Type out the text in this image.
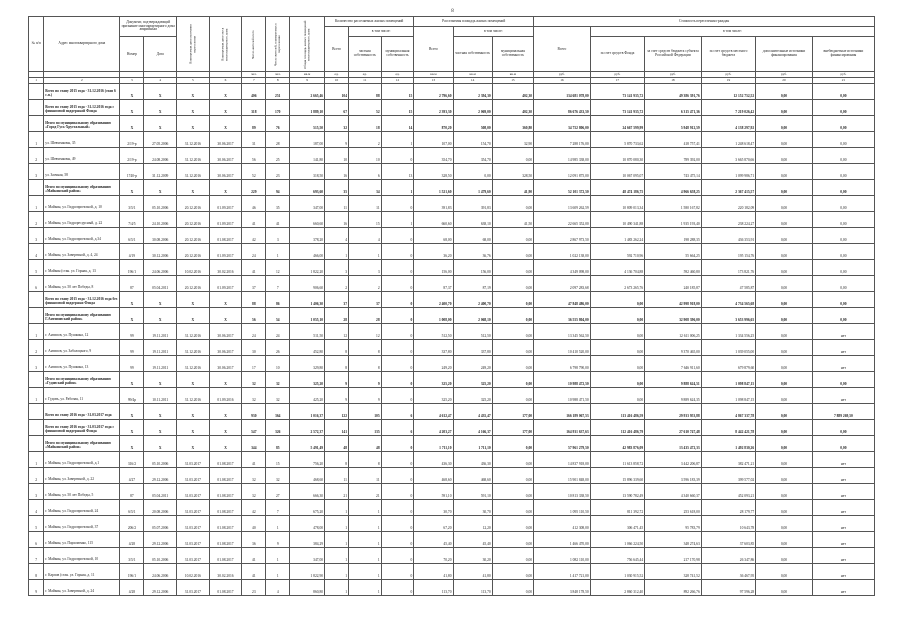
8
№ п/п	Адрес многоквартирного дома	Документ, подтверждающий признание многоквартирного дома аварийным		Планируемая дата окончания переселения	Планируемая дата сноса многоквартирного дома	Число жителей всего	Число жителей, планируемых к переселению	Общая площадь жилых помещений многоквартирного дома	Количество расселяемых жилых помещений			Расселяемая площадь жилых помещений			Стоимость переселения граждан					
									Всего	в том числе:		Всего	в том числе:		Всего	в том числе:				
		Номер	Дата							частная собственность	муниципальная собственность		частная собственность	муниципальная собственность		за счет средств Фонда	за счет средств бюджета субъекта Российской Федерации	за счет средств местного бюджета	дополнительные источники финансирования	внебюджетные источники финансирования
						чел.	чел.	кв.м	ед.	ед.	ед.	кв.м	кв.м	кв.м	руб.	руб.	руб.	руб.	руб.	руб.
1	2	3	4	5	6	7	8	9	10	11	12	13	14	15	16	17	18	19	20	21
	Всего по этапу 2015 года - 31.12.2016 (этап 6 с.п.)	X	X	X	X	406	251	2 665,46	104	88	15	2 796,60	2 394,30	402,30	134 681 078,00	73 141 935,72	49 386 391,76	12 152 752,52	0,00	0,00
	Всего по этапу 2015 года - 31.12.2016 года с финансовой поддержкой Фонда	X	X	X	X	318	170	1 889,10	67	52	15	2 393,30	2 069,00	402,30	86 676 433,50	73 141 935,72	6 315 471,36	7 219 026,42	0,00	0,00
	Итого по муниципальному образованию «Город Гусь-Хрустальный»	X	X	X	X	89	76	515,50	32	18	14	870,20	508,00	360,80	34 752 806,00	24 667 599,99	5 948 912,59	4 138 297,92	0,00	0,00
1	ул. Шевченковы, 35	2/19-р	27.05.2006	31.12.2016	30.06.2017	31	28	187,00	9	2	1	107,00	154,70	32,90	7 288 176,00	5 870 733,62	418 757,41	1 248 618,47	0,00	0,00
2	ул. Шевченковы, 49	2/19-р	24.08.2006	31.12.2016	30.06.2017	56	25	141,80	10	10	0	354,70	354,70	0,00	14 985 338,00	10 870 080,30	789 392,00	3 665 870,66	0,00	0,00
3	ул. Заочная, 58	1740-р	31.12.2009	31.12.2016	30.06.2017	52	23	318,50	16	6	13	328,50	0,00	328,50	12 091 875,00	10 067 095,07	743 475,14	1 099 986,71	0,00	0,00
	Итого по муниципальному образованию «Майкинский район»	X	X	X	X	229	94	693,60	35	34	1	1 521,60	1 479,60	41,90	52 101 372,50	48 474 186,75	4 966 658,25	2 367 415,57	0,00	0,00
1	г. Майкин, ул. Гидропроектной, д. 10	3/5/1	05.10.2006	20.12.2016	01.09.2017	46	35	347,00	11	11	0	391,83	391,83	0,00	13 609 262,59	10 809 013,34	1 580 167,82	220 182,09	0,00	0,00
2	г. Майкин, ул. Гидроресурсный, д. 22	7/4/5	24.10.2006	20.12.2016	01.09.2017	41	41	660,60	16	15	1	660,60	638,10	41,50	22 665 352,00	10 490 341,88	1 935 193,40	238 224,27	0,00	0,00
3	г. Майкин, ул. Гидропроектной, д.34	6/5/1	30.08.2006	20.12.2016	01.08.2017	42	3	378,20	4	4	0	68,00	68,00	0,00	2 867 973,50	1 483 262,24	198 288,35	436 353,91	0,00	0,00
4	г. Майкин, ул. Завертиной, д. 4, 24	4/19	30.12.2006	20.12.2016	01.09.2017	24	1	466,00	1	1	0	36,20	36,76	0,00	1 022 138,00	592 710,96	55 664,25	195 154,76	0,00	0,00
5	г. Майкин (стан. ул. Горная, д. 13	196/1	24.06.2006	10.02.2016	30.02.2016	41	12	1 822,20	3	3	0	156,00	156,00	0,00	4 349 098,00	4 136 704,88	592 460,80	173 821,76	0,00	0,00
6	г. Майкин, ул. 50 лет Победы, 8	87	05.04.2011	20.12.2016	01.09.2017	37	7	906,60	2	2	0	87,37	87,19	0,00	2 097 283,68	2 673 265,76	240 185,87	47 585,87	0,00	0,00
	Всего по этапу 2015 года - 31.12.2016 года без финансовой поддержки Фонда	X	X	X	X	88	86	1 406,30	37	37	0	2 400,70	2 400,70	0,00	47 848 486,00	0,00	42 998 918,00	4 734 565,68	0,00	0,00
	Итого по муниципальному образованию Г.Антиповский район»	X	X	X	X	56	54	1 055,10	28	28	0	1 008,00	2 068,10	0,00	36 555 804,00	0,00	32 908 396,00	3 653 996,65	0,00	0,00
1	г. Антипов, ул. Пушкина, 12	99	19.11.2011	31.12.2016	30.06.2017	24	24	511,50	12	12	0	512,50	512,50	0,00	13 345 562,50	0,00	12 611 006,25	1 334 556,25	0,00	нет
2	г. Антипов, ул. Заболоцкого, 9	99	19.11.2011	31.12.2016	30.06.2017	30	26	452,80	8	8	0	337,80	337,80	0,00	10 410 520,00	0,00	9 370 465,00	1 039 055,00	0,00	нет
3	г. Антипов, ул. Пушкина, 13	99	19.11.2011	31.12.2016	30.06.2017	17	10	329,80	8	8	0	249,20	249,20	0,00	6 798 790,00	0,00	7 646 911,60	679 879,60	0,00	нет
	Итого по муниципальному образованию «Гудовский район»	X	X	X	X	32	32	325,20	9	9	0	325,20	325,20	0,00	10 988 472,50	0,00	9 888 624,51	1 098 847,15	0,00	0,00
1	г. Гудовь, ул. Рабочая, 11	99/4р	10.11.2011	31.12.2016	01.09.2016	32	32	425,20	9	9	0	325,20	325,20	0,00	10 988 471,50	0,00	9 889 624,35	1 098 847,15	0,00	нет
	Всего по этапу 2016 года - 31.03.2017 года	X	X	X	X	930	364	1 016,37	122	105	6	4 612,47	4 435,47	177,00	166 189 067,53	113 416 486,59	29 933 953,88	4 867 337,78	0,00	7 889 269,50
	Всего по этапу 2016 года - 31.03.2017 года с финансовой поддержкой Фонда	X	X	X	X	547	326	2 572,37	141	135	6	4 203,27	4 166,37	177,00	164 931 637,63	112 416 486,79	27 610 747,48	8 442 421,78	0,00	0,00
	Итого по муниципальному образованию «Майкинский район»	X	X	X	X	344	85	5 491,49	48	48	0	1 711,10	1 711,10	0,00	57 961 279,50	42 983 876,09	13 435 472,33	1 492 830,26	0,00	0,00
1	г. Майкин, ул. Гидропроектной, д.1	316/2	05.10.2006	31.03.2017	01.08.2017	41	15	756,20	8	8	0	436,30	436,30	0,00	14 837 918,00	11 613 858,72	3 442 206,87	382 471,21	0,00	нет
2	г. Майкин, ул. Завертиной, д. 22	4/27	29.12.2006	31.03.2017	01.08.2017	32	32	468,60	11	11	0	468,60	468,60	0,00	15 901 848,00	15 896 339,60	3 596 183,39	399 577,02	0,00	нет
3	г. Майкин, ул. 50 лет Победы, 5	87	05.04.2011	31.03.2017	01.08.2017	32	27	666,30	21	21	0	591,10	591,10	0,00	10 813 338,50	13 590 782,49	4 340 660,37	452 093,21	0,00	нет
4	г. Майкин, ул. Гидропроектной, 24	6/5/1	20.08.2006	31.03.2017	01.08.2017	42	7	675,20	1	1	0	30,70	30,70	0,00	1 095 110,50	811 392,72	253 618,00	28 179,77	0,00	нет
5	г. Майкин, ул. Гидропроектной, 37	206/2	05.07.2006	31.03.2017	01.08.2017	40	1	478,00	1	1	0	67,20	12,20	0,00	412 308,00	306 471,45	95 783,79	10 643,78	0,00	нет
6	г. Майкин, ул. Пархоменко, 115	4/28	29.12.2006	31.03.2017	01.08.2017	36	9	384,29	1	1	0	45,40	45,40	0,00	1 466 470,00	1 066 224,50	348 274,63	37 603,85	0,00	нет
7	г. Майкин, ул. Гидропроектной, 10	3/5/1	05.10.2006	31.03.2017	01.08.2017	41	1	347,00	1	1	0	70,20	30,20	0,00	1 082 110,00	756 645,44	217 170,98	26 347,86	0,00	нет
8	г. Карпов (стан. ул. Горная, д. 11	196/1	24.06.2006	10.02.2016	30.02.2016	41	1	1 822,90	1	1	0	41,80	41,80	0,00	1 417 721,00	1 030 915,52	328 741,52	36 467,95	0,00	нет
9	г. Майкин, ул. Завертиной, д. 24	4/28	29.12.2006	31.03.2017	01.08.2017	23	4	860,80	1	1	0	113,70	113,70	0,00	3 848 178,50	2 860 312,40	892 266,76	97 596,28	0,00	нет
